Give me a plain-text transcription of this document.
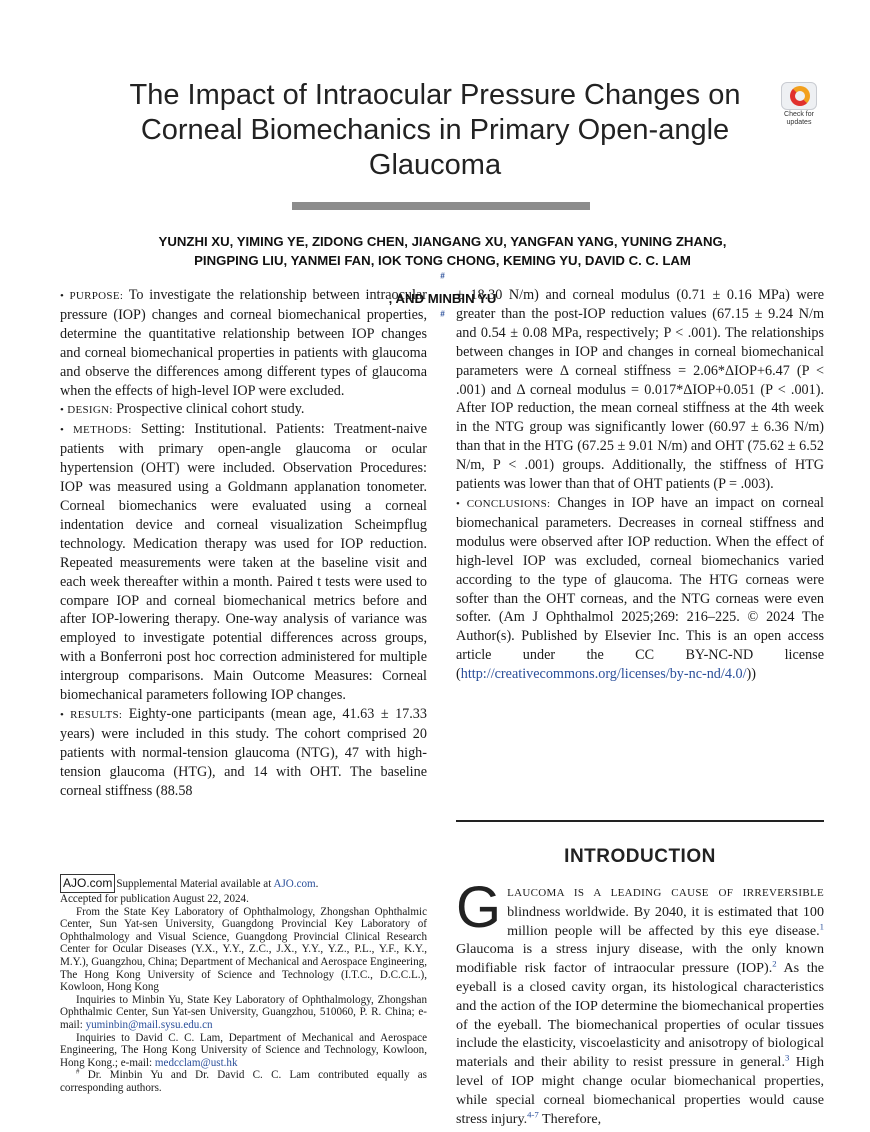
The Impact of Intraocular Pressure Changes on
Corneal Biomechanics in Primary Open-angle
Glaucoma
Check for
updates
YUNZHI XU, YIMING YE, ZIDONG CHEN, JIANGANG XU, YANGFAN YANG, YUNING ZHANG,
PINGPING LIU, YANMEI FAN, IOK TONG CHONG, KEMING YU, DAVID C. C. LAM
#
, AND MINBIN YU
#

• PURPOSE: To investigate the relationship between intraocular pressure (IOP) changes and corneal biomechanical properties, determine the quantitative relationship between IOP changes and corneal biomechanical properties in patients with glaucoma and observe the differences among different types of glaucoma when the effects of high-level IOP were excluded.

• DESIGN: Prospective clinical cohort study.

• METHODS: Setting: Institutional. Patients: Treatment-naive patients with primary open-angle glaucoma or ocular hypertension (OHT) were included. Observation Procedures: IOP was measured using a Goldmann applanation tonometer. Corneal biomechanics were evaluated using a corneal indentation device and corneal visualization Scheimpflug technology. Medication therapy was used for IOP reduction. Repeated measurements were taken at the baseline visit and each week thereafter within a month. Paired t tests were used to compare IOP and corneal biomechanical metrics before and after IOP-lowering therapy. One-way analysis of variance was employed to investigate potential differences across groups, with a Bonferroni post hoc correction administered for multiple intergroup comparisons. Main Outcome Measures: Corneal biomechanical parameters following IOP changes.

• RESULTS: Eighty-one participants (mean age, 41.63 ± 17.33 years) were included in this study. The cohort comprised 20 patients with normal-tension glaucoma (NTG), 47 with high-tension glaucoma (HTG), and 14 with OHT. The baseline corneal stiffness (88.58

± 18.30 N/m) and corneal modulus (0.71 ± 0.16 MPa) were greater than the post-IOP reduction values (67.15 ± 9.24 N/m and 0.54 ± 0.08 MPa, respectively; P < .001). The relationships between changes in IOP and changes in corneal biomechanical parameters were Δ corneal stiffness = 2.06*ΔIOP+6.47 (P < .001) and Δ corneal modulus = 0.017*ΔIOP+0.051 (P < .001). After IOP reduction, the mean corneal stiffness at the 4th week in the NTG group was significantly lower (60.97 ± 6.36 N/m) than that in the HTG (67.25 ± 9.01 N/m) and OHT (75.62 ± 6.52 N/m, P < .001) groups. Additionally, the stiffness of HTG patients was lower than that of OHT patients (P = .003).

• CONCLUSIONS: Changes in IOP have an impact on corneal biomechanical parameters. Decreases in corneal stiffness and modulus were observed after IOP reduction. When the effect of high-level IOP was excluded, corneal biomechanics varied according to the type of glaucoma. The HTG corneas were softer than the OHT corneas, and the NTG corneas were even softer. (Am J Ophthalmol 2025;269: 216–225. © 2024 The Author(s). Published by Elsevier Inc. This is an open access article under the CC BY-NC-ND license (http://creativecommons.org/licenses/by-nc-nd/4.0/))

INTRODUCTION
GLAUCOMA IS A LEADING CAUSE OF IRREVERSIBLE blindness worldwide. By 2040, it is estimated that 100 million people will be affected by this eye disease.$^1$ Glaucoma is a stress injury disease, with the only known modifiable risk factor of intraocular pressure (IOP).$^2$ As the eyeball is a closed cavity organ, its histological characteristics and the action of the IOP determine the biomechanical properties of the eyeball. The biomechanical properties of ocular tissues include the elasticity, viscoelasticity and anisotropy of biological materials and their ability to resist pressure in general.$^3$ High level of IOP might change ocular biomechanical properties, while special corneal biomechanical properties would cause stress injury.$^{4-7}$ Therefore,

AJO.com Supplemental Material available at AJO.com.

Accepted for publication August 22, 2024.

From the State Key Laboratory of Ophthalmology, Zhongshan Ophthalmic Center, Sun Yat-sen University, Guangdong Provincial Key Laboratory of Ophthalmology and Visual Science, Guangdong Provincial Clinical Research Center for Ocular Diseases (Y.X., Y.Y., Z.C., J.X., Y.Y., Y.Z., P.L., Y.F., K.Y., M.Y.), Guangzhou, China; Department of Mechanical and Aerospace Engineering, The Hong Kong University of Science and Technology (I.T.C., D.C.C.L.), Kowloon, Hong Kong

Inquiries to Minbin Yu, State Key Laboratory of Ophthalmology, Zhongshan Ophthalmic Center, Sun Yat-sen University, Guangzhou, 510060, P. R. China; e-mail: yuminbin@mail.sysu.edu.cn

Inquiries to David C. C. Lam, Department of Mechanical and Aerospace Engineering, The Hong Kong University of Science and Technology, Kowloon, Hong Kong.; e-mail: medcclam@ust.hk

# Dr. Minbin Yu and Dr. David C. C. Lam contributed equally as corresponding authors.
